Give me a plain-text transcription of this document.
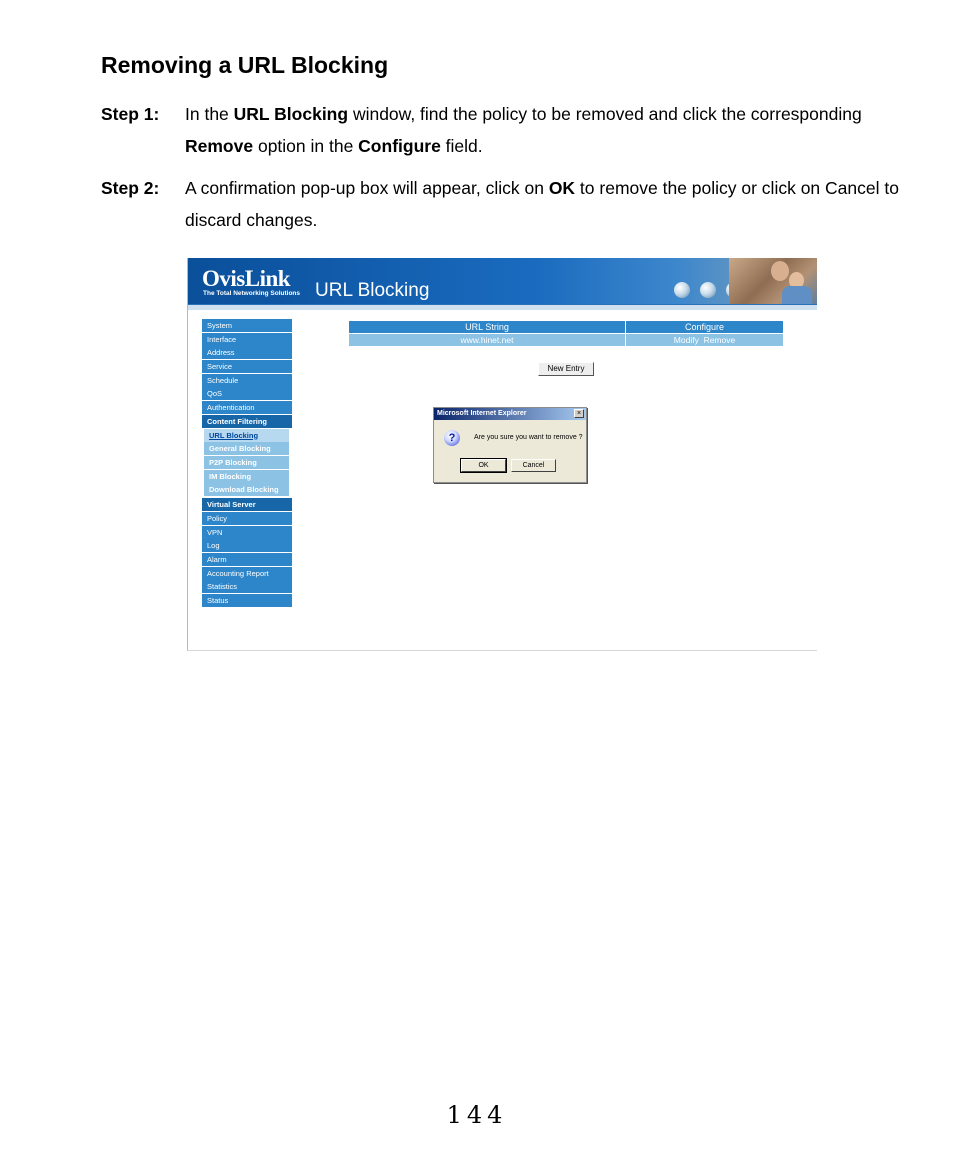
Removing a URL Blocking
Step 1: In the URL Blocking window, find the policy to be removed and click the corresponding Remove option in the Configure field.
Step 2: A confirmation pop-up box will appear, click on OK to remove the policy or click on Cancel to discard changes.
OvisLink
The Total Networking Solutions URL Blocking
System
Interface
Address
Service
Schedule
QoS
Authentication
Content Filtering
URL Blocking
General Blocking
P2P Blocking
IM Blocking
Download Blocking
Virtual Server
Policy
VPN
Log
Alarm
Accounting Report
Statistics
Status
URL String	Configure
www.hinet.net	Modify Remove
New Entry
Microsoft Internet Explorer	×
?	Are you sure you want to remove ?
OK	Cancel
144
